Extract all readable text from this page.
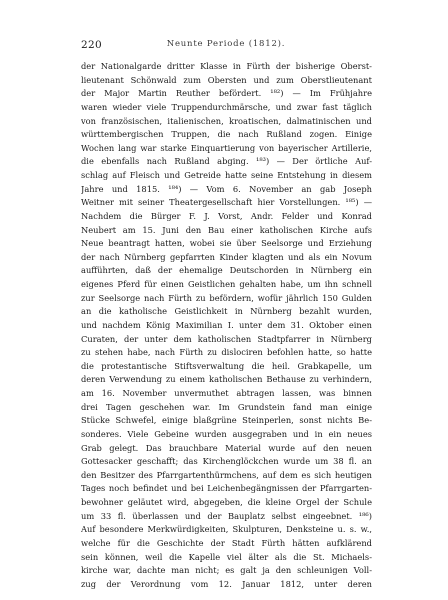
220	Neunte Periode (1812).
der Nationalgarde dritter Klasse in Fürth der bisherige Oberst-
lieutenant Schönwald zum Obersten und zum Oberstlieutenant
der Major Martin Reuther befördert. ¹⁸²) — Im Frühjahre
waren wieder viele Truppendurchmärsche, und zwar fast täglich
von französischen, italienischen, kroatischen, dalmatinischen und
württembergischen Truppen, die nach Rußland zogen. Einige
Wochen lang war starke Einquartierung von bayerischer Artillerie,
die ebenfalls nach Rußland abging. ¹⁸³) — Der örtliche Auf-
schlag auf Fleisch und Getreide hatte seine Entstehung in diesem
Jahre und 1815. ¹⁸⁴) — Vom 6. November an gab Joseph
Weitner mit seiner Theatergesellschaft hier Vorstellungen. ¹⁸⁵) —
Nachdem die Bürger F. J. Vorst, Andr. Felder und Konrad
Neubert am 15. Juni den Bau einer katholischen Kirche aufs
Neue beantragt hatten, wobei sie über Seelsorge und Erziehung
der nach Nürnberg gepfarrten Kinder klagten und als ein Novum
aufführten, daß der ehemalige Deutschorden in Nürnberg ein
eigenes Pferd für einen Geistlichen gehalten habe, um ihn schnell
zur Seelsorge nach Fürth zu befördern, wofür jährlich 150 Gulden
an die katholische Geistlichkeit in Nürnberg bezahlt wurden,
und nachdem König Maximilian I. unter dem 31. Oktober einen
Curaten, der unter dem katholischen Stadtpfarrer in Nürnberg
zu stehen habe, nach Fürth zu dislociren befohlen hatte, so hatte
die protestantische Stiftsverwaltung die heil. Grabkapelle, um
deren Verwendung zu einem katholischen Bethause zu verhindern,
am 16. November unvermuthet abtragen lassen, was binnen
drei Tagen geschehen war. Im Grundstein fand man einige
Stücke Schwefel, einige blaßgrüne Steinperlen, sonst nichts Be-
sonderes. Viele Gebeine wurden ausgegraben und in ein neues
Grab gelegt. Das brauchbare Material wurde auf den neuen
Gottesacker geschafft; das Kirchenglöckchen wurde um 38 fl. an
den Besitzer des Pfarrgartenthürmchens, auf dem es sich heutigen
Tages noch befindet und bei Leichenbegängnissen der Pfarrgarten-
bewohner geläutet wird, abgegeben, die kleine Orgel der Schule
um 33 fl. überlassen und der Bauplatz selbst eingeebnet. ¹⁸⁶)
Auf besondere Merkwürdigkeiten, Skulpturen, Denksteine u. s. w.,
welche für die Geschichte der Stadt Fürth hätten aufklärend
sein können, weil die Kapelle viel älter als die St. Michaels-
kirche war, dachte man nicht; es galt ja den schleunigen Voll-
zug der Verordnung vom 12. Januar 1812, unter deren
